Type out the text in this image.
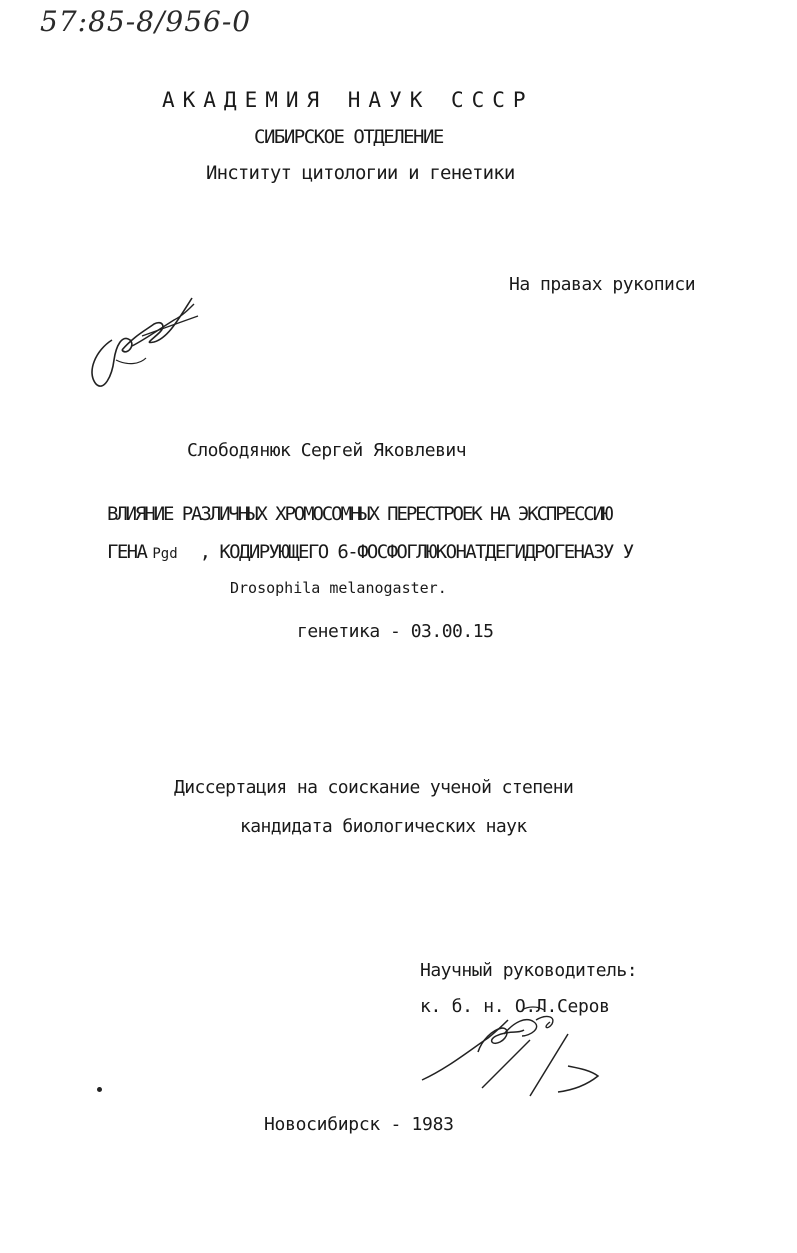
57:85-8/956-0
АКАДЕМИЯ НАУК СССР
СИБИРСКОЕ ОТДЕЛЕНИЕ
Институт цитологии и генетики
На правах рукописи
Слободянюк Сергей Яковлевич
ВЛИЯНИЕ РАЗЛИЧНЫХ ХРОМОСОМНЫХ ПЕРЕСТРОЕК НА ЭКСПРЕССИЮ
ГЕНА Pgd , КОДИРУЮЩЕГО 6-ФОСФОГЛЮКОНАТДЕГИДРОГЕНАЗУ У
Drosophila melanogaster.
генетика - 03.00.15
Диссертация на соискание ученой степени
кандидата биологических наук
Научный руководитель:
к. б. н. О.Л.Серов
Новосибирск - 1983
